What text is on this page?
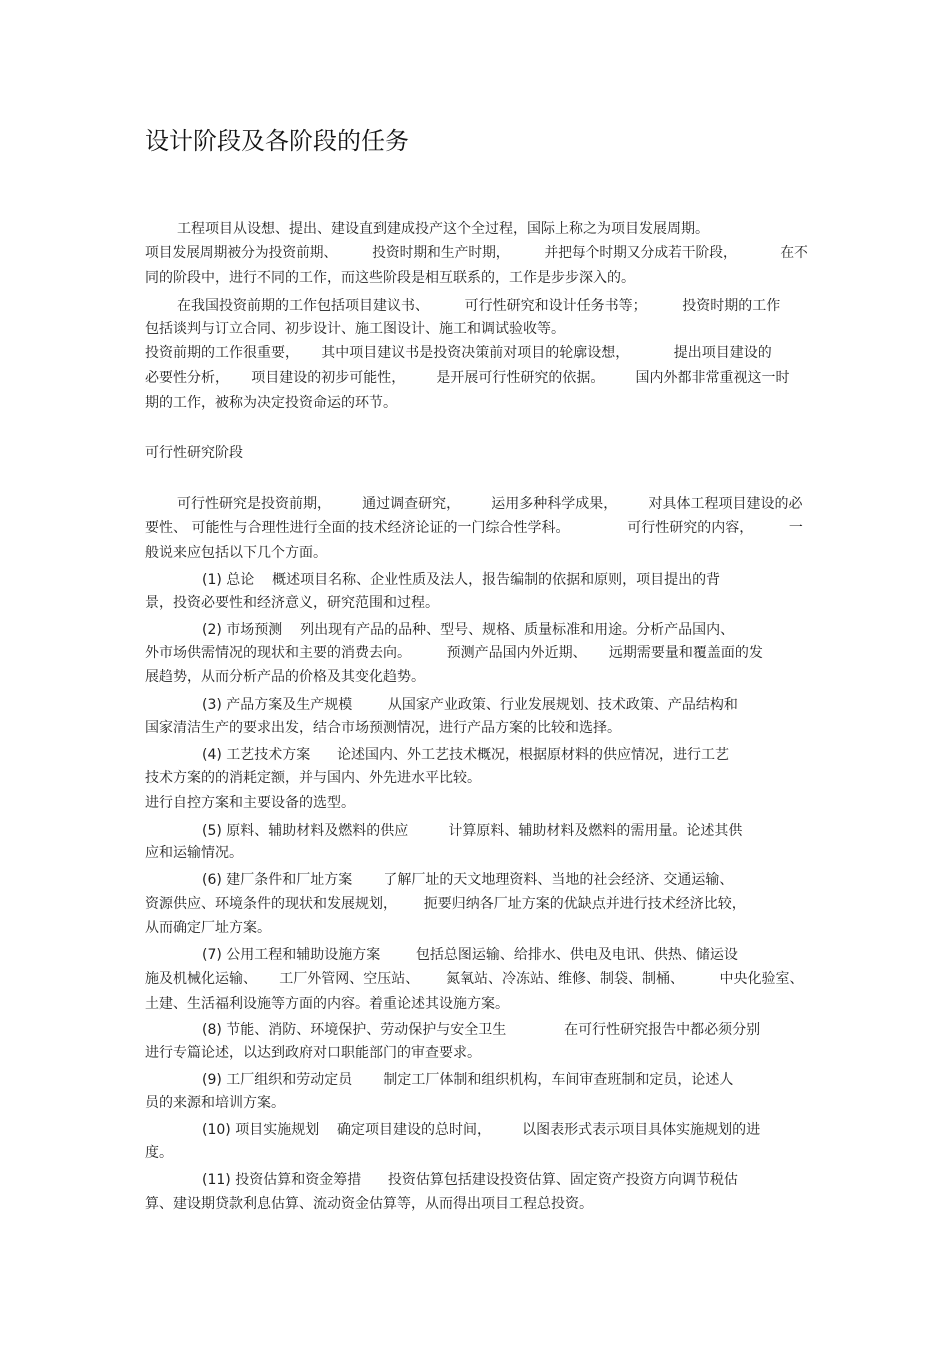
设计阶段及各阶段的任务
工程项目从设想、提出、建设直到建成投产这个全过程，国际上称之为项目发展周期。
项目发展周期被分为投资前期、        投资时期和生产时期，        并把每个时期又分成若干阶段，          在不
同的阶段中，进行不同的工作，而这些阶段是相互联系的，工作是步步深入的。
在我国投资前期的工作包括项目建议书、        可行性研究和设计任务书等；        投资时期的工作
包括谈判与订立合同、初步设计、施工图设计、施工和调试验收等。
投资前期的工作很重要，     其中项目建议书是投资决策前对项目的轮廓设想，          提出项目建设的
必要性分析，     项目建设的初步可能性，       是开展可行性研究的依据。       国内外都非常重视这一时
期的工作，被称为决定投资命运的环节。
可行性研究阶段
可行性研究是投资前期，       通过调查研究，       运用多种科学成果，       对具体工程项目建设的必
要性、 可能性与合理性进行全面的技术经济论证的一门综合性学科。             可行性研究的内容，        一
般说来应包括以下几个方面。
(1) 总论    概述项目名称、企业性质及法人，报告编制的依据和原则，项目提出的背
景，投资必要性和经济意义，研究范围和过程。
(2) 市场预测    列出现有产品的品种、型号、规格、质量标准和用途。分析产品国内、
外市场供需情况的现状和主要的消费去向。        预测产品国内外近期、     远期需要量和覆盖面的发
展趋势，从而分析产品的价格及其变化趋势。
(3) 产品方案及生产规模        从国家产业政策、行业发展规划、技术政策、产品结构和
国家清洁生产的要求出发，结合市场预测情况，进行产品方案的比较和选择。
(4) 工艺技术方案      论述国内、外工艺技术概况，根据原材料的供应情况，进行工艺
技术方案的的消耗定额，并与国内、外先进水平比较。
进行自控方案和主要设备的选型。
(5) 原料、辅助材料及燃料的供应         计算原料、辅助材料及燃料的需用量。论述其供
应和运输情况。
(6) 建厂条件和厂址方案       了解厂址的天文地理资料、当地的社会经济、交通运输、
资源供应、环境条件的现状和发展规划，      扼要归纳各厂址方案的优缺点并进行技术经济比较，
从而确定厂址方案。
(7) 公用工程和辅助设施方案        包括总图运输、给排水、供电及电讯、供热、储运设
施及机械化运输、     工厂外管网、空压站、      氮氧站、冷冻站、维修、制袋、制桶、        中央化验室、
土建、生活福利设施等方面的内容。着重论述其设施方案。
(8) 节能、消防、环境保护、劳动保护与安全卫生             在可行性研究报告中都必须分别
进行专篇论述，以达到政府对口职能部门的审查要求。
(9) 工厂组织和劳动定员       制定工厂体制和组织机构，车间审查班制和定员，论述人
员的来源和培训方案。
(10) 项目实施规划    确定项目建设的总时间，       以图表形式表示项目具体实施规划的进
度。
(11) 投资估算和资金筹措      投资估算包括建设投资估算、固定资产投资方向调节税估
算、建设期贷款利息估算、流动资金估算等，从而得出项目工程总投资。
